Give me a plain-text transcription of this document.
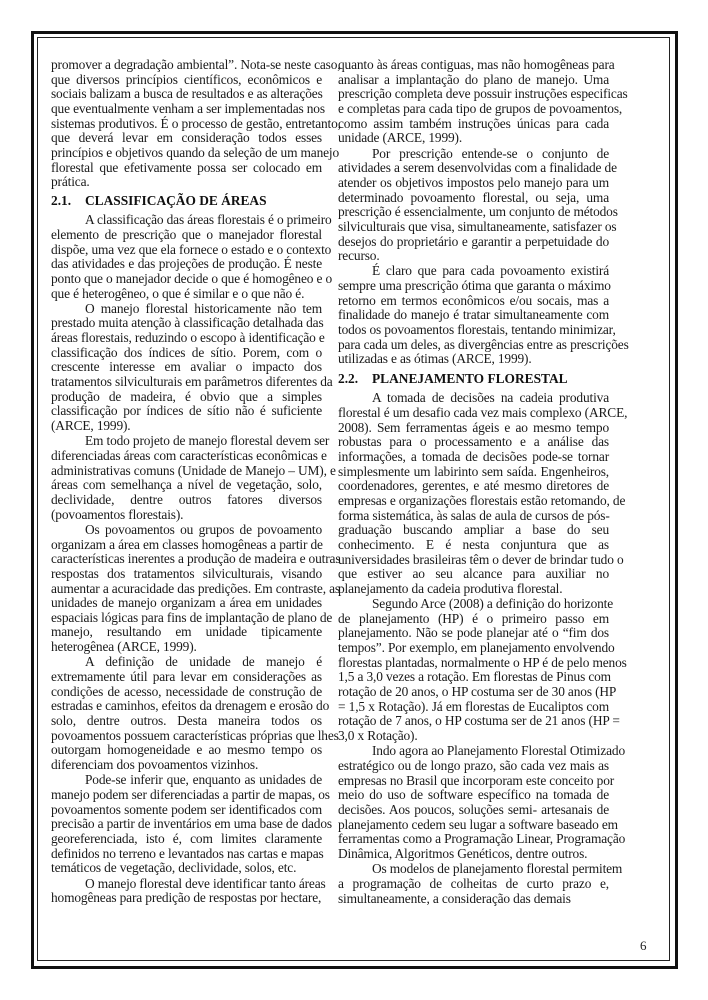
promover a degradação ambiental”. Nota-se neste caso,
que diversos princípios científicos, econômicos e
sociais balizam a busca de resultados e as alterações
que eventualmente venham a ser implementadas nos
sistemas produtivos. É o processo de gestão, entretanto,
que deverá levar em consideração todos esses
princípios e objetivos quando da seleção de um manejo
florestal que efetivamente possa ser colocado em
prática.
2.1. CLASSIFICAÇÃO DE ÁREAS
A classificação das áreas florestais é o primeiro
elemento de prescrição que o manejador florestal
dispõe, uma vez que ela fornece o estado e o contexto
das atividades e das projeções de produção. É neste
ponto que o manejador decide o que é homogêneo e o
que é heterogêneo, o que é similar e o que não é.
O manejo florestal historicamente não tem
prestado muita atenção à classificação detalhada das
áreas florestais, reduzindo o escopo à identificação e
classificação dos índices de sítio. Porem, com o
crescente interesse em avaliar o impacto dos
tratamentos silviculturais em parâmetros diferentes da
produção de madeira, é obvio que a simples
classificação por índices de sítio não é suficiente
(ARCE, 1999).
Em todo projeto de manejo florestal devem ser
diferenciadas áreas com características econômicas e
administrativas comuns (Unidade de Manejo – UM), e
áreas com semelhança a nível de vegetação, solo,
declividade, dentre outros fatores diversos
(povoamentos florestais).
Os povoamentos ou grupos de povoamento
organizam a área em classes homogêneas a partir de
características inerentes a produção de madeira e outras
respostas dos tratamentos silviculturais, visando
aumentar a acuracidade das predições. Em contraste, as
unidades de manejo organizam a área em unidades
espaciais lógicas para fins de implantação de plano de
manejo, resultando em unidade tipicamente
heterogênea (ARCE, 1999).
A definição de unidade de manejo é
extremamente útil para levar em considerações as
condições de acesso, necessidade de construção de
estradas e caminhos, efeitos da drenagem e erosão do
solo, dentre outros. Desta maneira todos os
povoamentos possuem características próprias que lhes
outorgam homogeneidade e ao mesmo tempo os
diferenciam dos povoamentos vizinhos.
Pode-se inferir que, enquanto as unidades de
manejo podem ser diferenciadas a partir de mapas, os
povoamentos somente podem ser identificados com
precisão a partir de inventários em uma base de dados
georeferenciada, isto é, com limites claramente
definidos no terreno e levantados nas cartas e mapas
temáticos de vegetação, declividade, solos, etc.
O manejo florestal deve identificar tanto áreas
homogêneas para predição de respostas por hectare,
quanto às áreas contiguas, mas não homogêneas para
analisar a implantação do plano de manejo. Uma
prescrição completa deve possuir instruções especificas
e completas para cada tipo de grupos de povoamentos,
como assim também instruções únicas para cada
unidade (ARCE, 1999).
Por prescrição entende-se o conjunto de
atividades a serem desenvolvidas com a finalidade de
atender os objetivos impostos pelo manejo para um
determinado povoamento florestal, ou seja, uma
prescrição é essencialmente, um conjunto de métodos
silviculturais que visa, simultaneamente, satisfazer os
desejos do proprietário e garantir a perpetuidade do
recurso.
É claro que para cada povoamento existirá
sempre uma prescrição ótima que garanta o máximo
retorno em termos econômicos e/ou socais, mas a
finalidade do manejo é tratar simultaneamente com
todos os povoamentos florestais, tentando minimizar,
para cada um deles, as divergências entre as prescrições
utilizadas e as ótimas (ARCE, 1999).
2.2. PLANEJAMENTO FLORESTAL
A tomada de decisões na cadeia produtiva
florestal é um desafio cada vez mais complexo (ARCE,
2008). Sem ferramentas ágeis e ao mesmo tempo
robustas para o processamento e a análise das
informações, a tomada de decisões pode-se tornar
simplesmente um labirinto sem saída. Engenheiros,
coordenadores, gerentes, e até mesmo diretores de
empresas e organizações florestais estão retomando, de
forma sistemática, às salas de aula de cursos de pós-
graduação buscando ampliar a base do seu
conhecimento. E é nesta conjuntura que as
universidades brasileiras têm o dever de brindar tudo o
que estiver ao seu alcance para auxiliar no
planejamento da cadeia produtiva florestal.
Segundo Arce (2008) a definição do horizonte
de planejamento (HP) é o primeiro passo em
planejamento. Não se pode planejar até o “fim dos
tempos”. Por exemplo, em planejamento envolvendo
florestas plantadas, normalmente o HP é de pelo menos
1,5 a 3,0 vezes a rotação. Em florestas de Pinus com
rotação de 20 anos, o HP costuma ser de 30 anos (HP
= 1,5 x Rotação). Já em florestas de Eucaliptos com
rotação de 7 anos, o HP costuma ser de 21 anos (HP =
3,0 x Rotação).
Indo agora ao Planejamento Florestal Otimizado
estratégico ou de longo prazo, são cada vez mais as
empresas no Brasil que incorporam este conceito por
meio do uso de software específico na tomada de
decisões. Aos poucos, soluções semi- artesanais de
planejamento cedem seu lugar a software baseado em
ferramentas como a Programação Linear, Programação
Dinâmica, Algoritmos Genéticos, dentre outros.
Os modelos de planejamento florestal permitem
a programação de colheitas de curto prazo e,
simultaneamente, a consideração das demais
6
